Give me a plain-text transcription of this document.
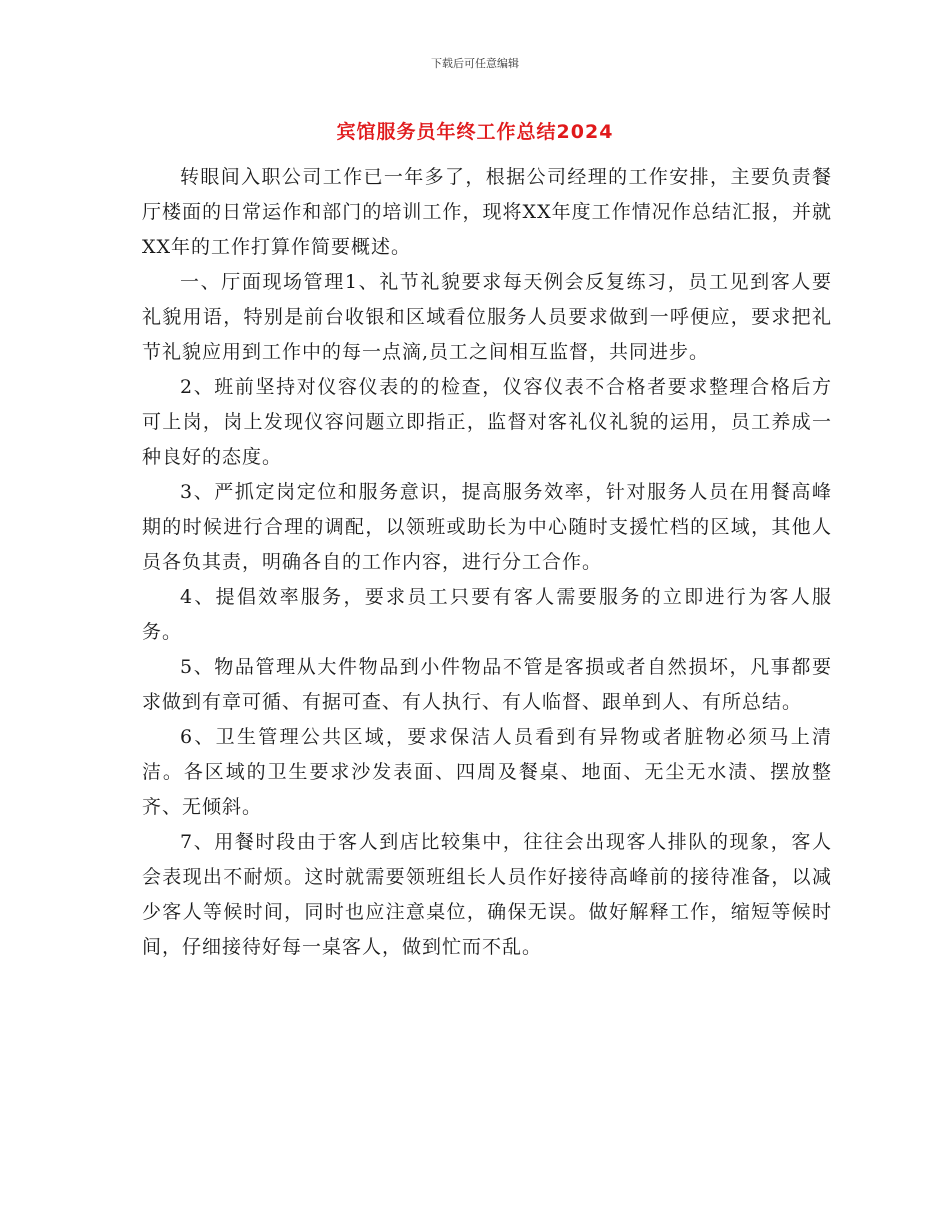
下载后可任意编辑
宾馆服务员年终工作总结2024

转眼间入职公司工作已一年多了，根据公司经理的工作安排，主要负责餐厅楼面的日常运作和部门的培训工作，现将XX年度工作情况作总结汇报，并就XX年的工作打算作简要概述。

一、厅面现场管理1、礼节礼貌要求每天例会反复练习，员工见到客人要礼貌用语，特别是前台收银和区域看位服务人员要求做到一呼便应，要求把礼节礼貌应用到工作中的每一点滴,员工之间相互监督，共同进步。

2、班前坚持对仪容仪表的的检查，仪容仪表不合格者要求整理合格后方可上岗，岗上发现仪容问题立即指正，监督对客礼仪礼貌的运用，员工养成一种良好的态度。

3、严抓定岗定位和服务意识，提高服务效率，针对服务人员在用餐高峰期的时候进行合理的调配，以领班或助长为中心随时支援忙档的区域，其他人员各负其责，明确各自的工作内容，进行分工合作。

4、提倡效率服务，要求员工只要有客人需要服务的立即进行为客人服务。

5、物品管理从大件物品到小件物品不管是客损或者自然损坏，凡事都要求做到有章可循、有据可查、有人执行、有人临督、跟单到人、有所总结。

6、卫生管理公共区域，要求保洁人员看到有异物或者脏物必须马上清洁。各区域的卫生要求沙发表面、四周及餐桌、地面、无尘无水渍、摆放整齐、无倾斜。

7、用餐时段由于客人到店比较集中，往往会出现客人排队的现象，客人会表现出不耐烦。这时就需要领班组长人员作好接待高峰前的接待准备，以减少客人等候时间，同时也应注意桌位，确保无误。做好解释工作，缩短等候时间，仔细接待好每一桌客人，做到忙而不乱。
